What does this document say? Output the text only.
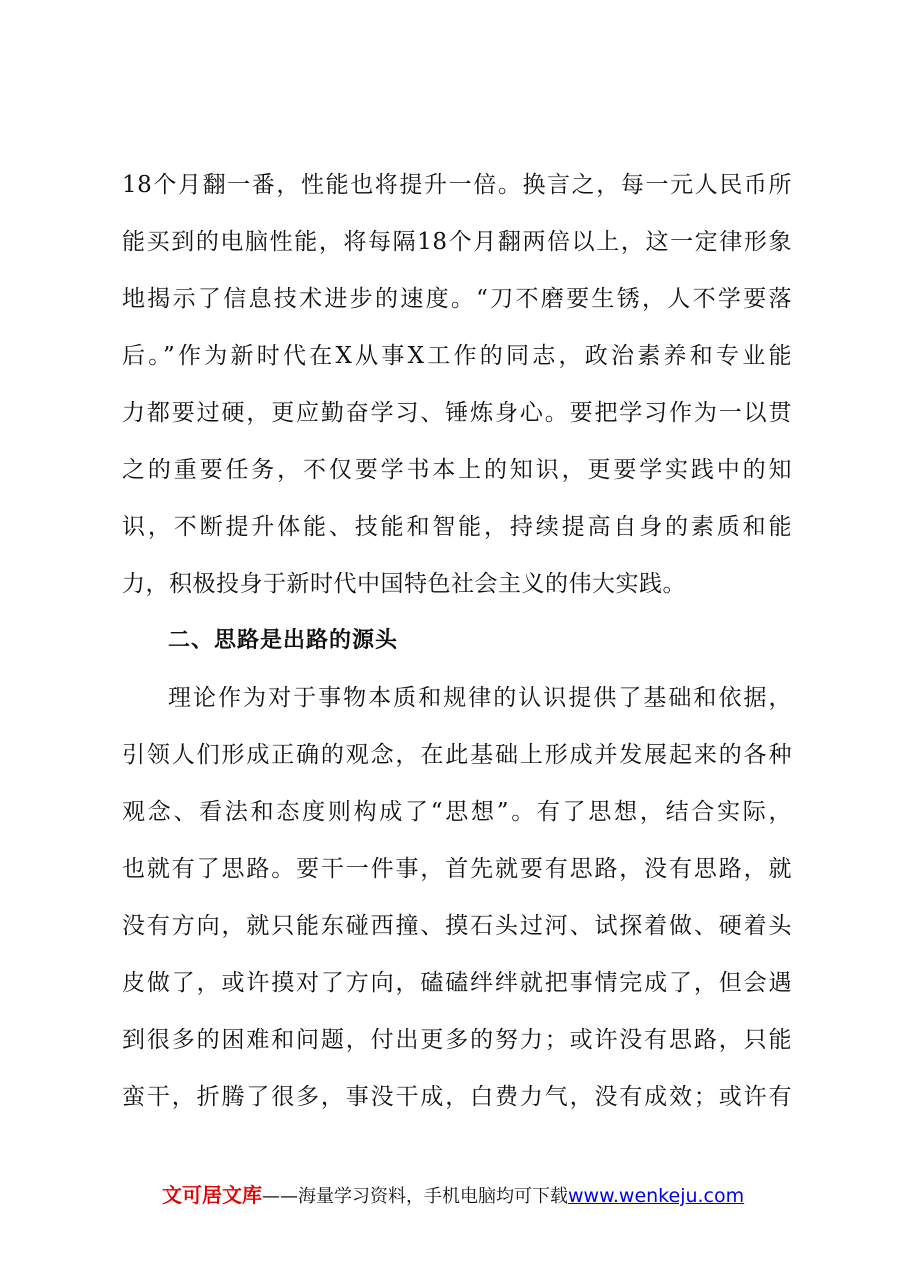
18个月翻一番，性能也将提升一倍。换言之，每一元人民币所
能买到的电脑性能，将每隔18个月翻两倍以上，这一定律形象
地揭示了信息技术进步的速度。“刀不磨要生锈，人不学要落
后。”作为新时代在X从事X工作的同志，政治素养和专业能
力都要过硬，更应勤奋学习、锤炼身心。要把学习作为一以贯
之的重要任务，不仅要学书本上的知识，更要学实践中的知
识，不断提升体能、技能和智能，持续提高自身的素质和能
力，积极投身于新时代中国特色社会主义的伟大实践。
二、思路是出路的源头
理论作为对于事物本质和规律的认识提供了基础和依据，
引领人们形成正确的观念，在此基础上形成并发展起来的各种
观念、看法和态度则构成了“思想”。有了思想，结合实际，
也就有了思路。要干一件事，首先就要有思路，没有思路，就
没有方向，就只能东碰西撞、摸石头过河、试探着做、硬着头
皮做了，或许摸对了方向，磕磕绊绊就把事情完成了，但会遇
到很多的困难和问题，付出更多的努力；或许没有思路，只能
蛮干，折腾了很多，事没干成，白费力气，没有成效；或许有
文可居文库——海量学习资料，手机电脑均可下载www.wenkeju.com
